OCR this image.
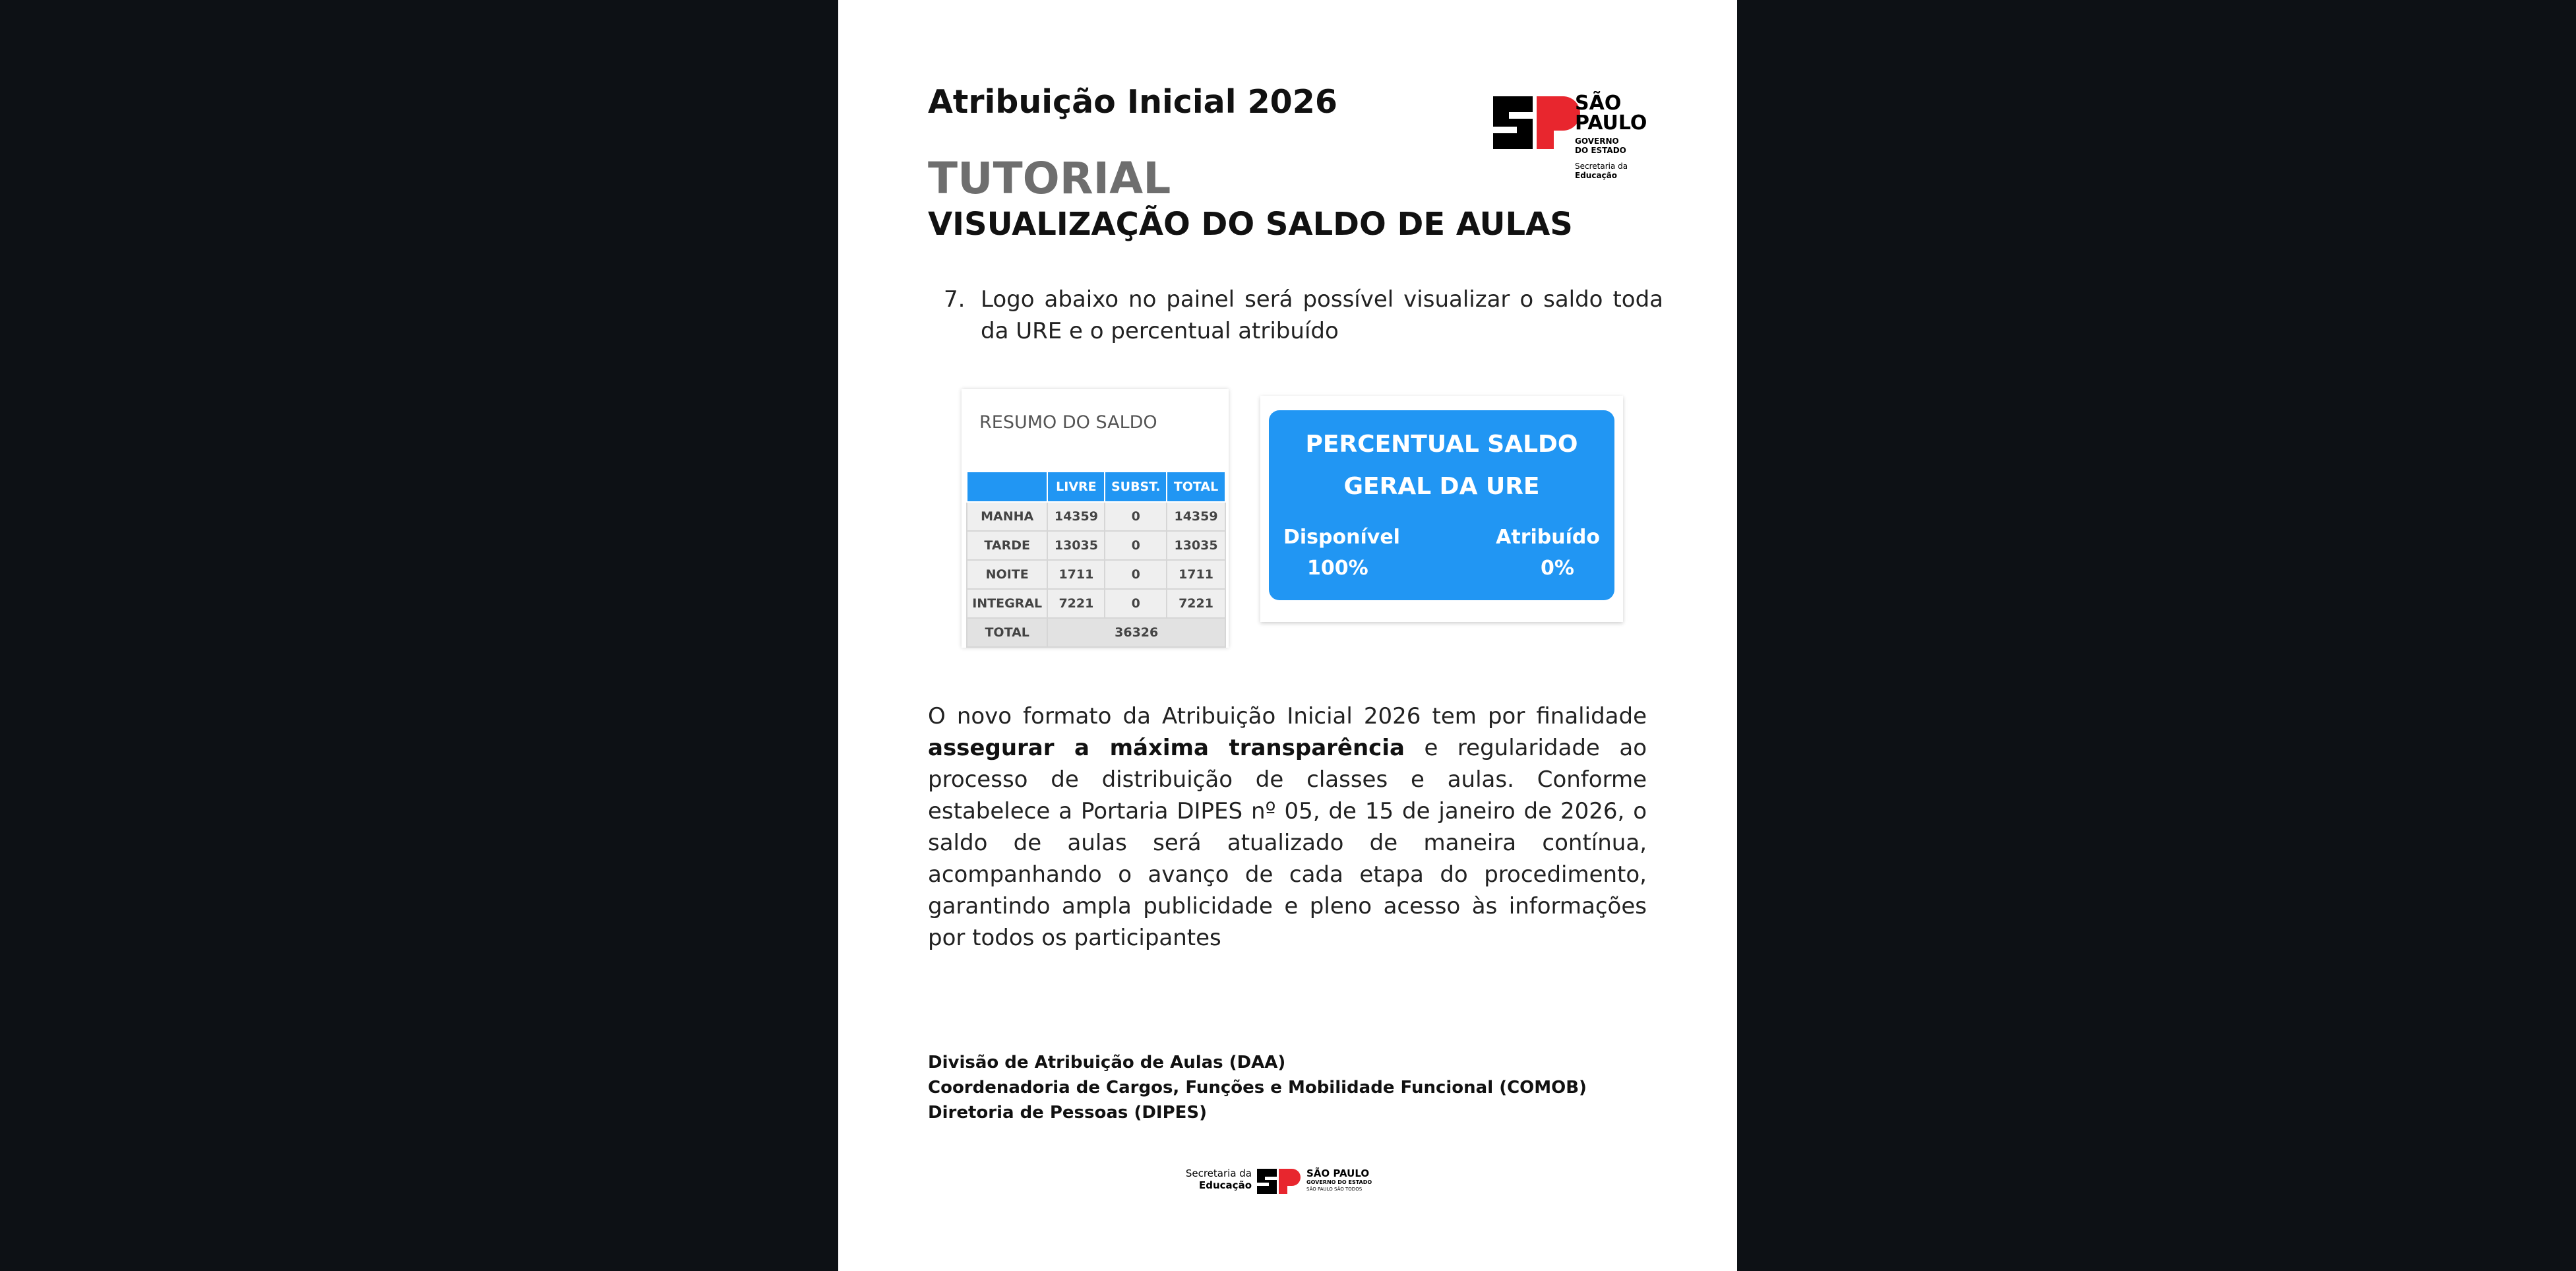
Atribuição Inicial 2026
TUTORIAL
VISUALIZAÇÃO DO SALDO DE AULAS
SÃO
PAULO
GOVERNO
DO ESTADO
Secretaria da
Educação
7. Logo abaixo no painel será possível visualizar o saldo toda da URE e o percentual atribuído
RESUMO DO SALDO
	LIVRE	SUBST.	TOTAL
MANHA	14359	0	14359
TARDE	13035	0	13035
NOITE	1711	0	1711
INTEGRAL	7221	0	7221
TOTAL	36326		
PERCENTUAL SALDO
GERAL DA URE
Disponível	Atribuído
100%	0%
O novo formato da Atribuição Inicial 2026 tem por finalidade assegurar a máxima transparência e regularidade ao processo de distribuição de classes e aulas. Conforme estabelece a Portaria DIPES nº 05, de 15 de janeiro de 2026, o saldo de aulas será atualizado de maneira contínua, acompanhando o avanço de cada etapa do procedimento, garantindo ampla publicidade e pleno acesso às informações por todos os participantes
Divisão de Atribuição de Aulas (DAA)
Coordenadoria de Cargos, Funções e Mobilidade Funcional (COMOB)
Diretoria de Pessoas (DIPES)
Secretaria da
Educação
SÃO PAULO
GOVERNO DO ESTADO
SÃO PAULO SÃO TODOS
